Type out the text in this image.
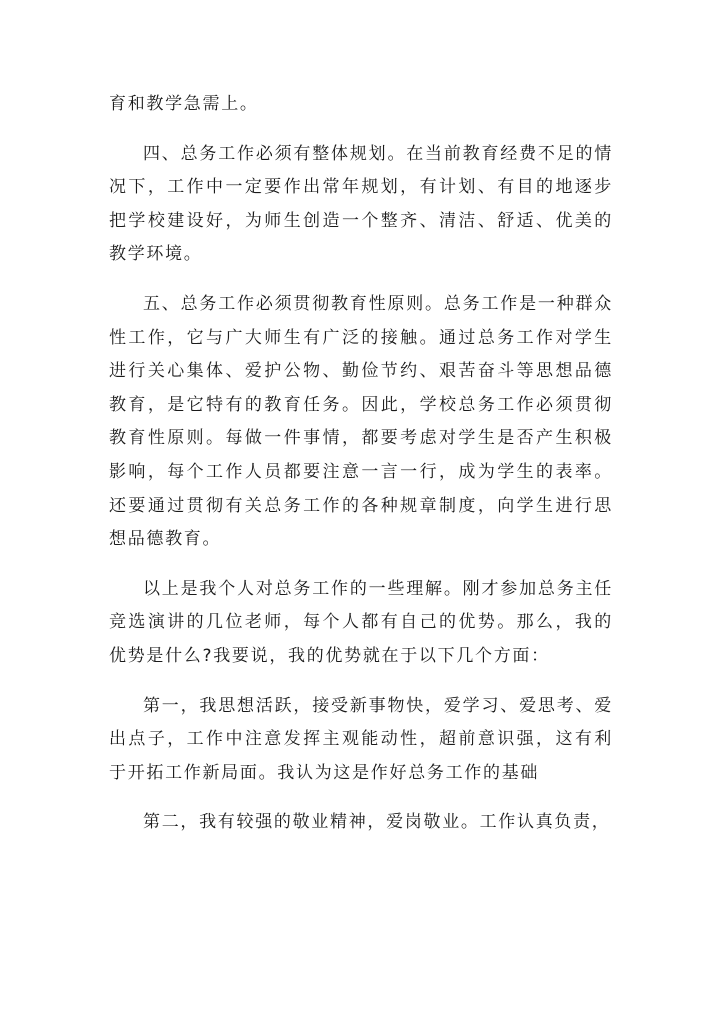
育和教学急需上。

四、总务工作必须有整体规划。在当前教育经费不足的情况下，工作中一定要作出常年规划，有计划、有目的地逐步把学校建设好，为师生创造一个整齐、清洁、舒适、优美的教学环境。

五、总务工作必须贯彻教育性原则。总务工作是一种群众性工作，它与广大师生有广泛的接触。通过总务工作对学生进行关心集体、爱护公物、勤俭节约、艰苦奋斗等思想品德教育，是它特有的教育任务。因此，学校总务工作必须贯彻教育性原则。每做一件事情，都要考虑对学生是否产生积极影响，每个工作人员都要注意一言一行，成为学生的表率。还要通过贯彻有关总务工作的各种规章制度，向学生进行思想品德教育。

以上是我个人对总务工作的一些理解。刚才参加总务主任竞选演讲的几位老师，每个人都有自己的优势。那么，我的优势是什么?我要说，我的优势就在于以下几个方面：

第一，我思想活跃，接受新事物快，爱学习、爱思考、爱出点子，工作中注意发挥主观能动性，超前意识强，这有利于开拓工作新局面。我认为这是作好总务工作的基础

第二，我有较强的敬业精神，爱岗敬业。工作认真负责，
